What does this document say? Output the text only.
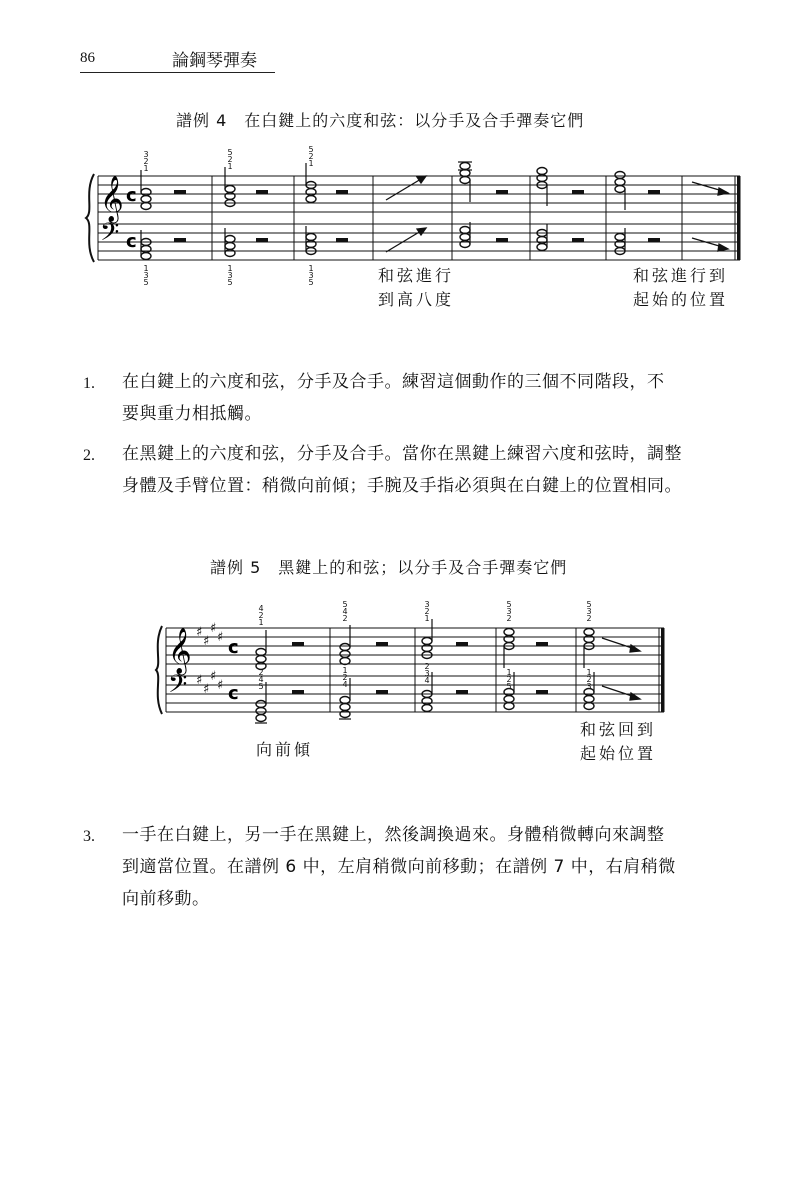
86	論鋼琴彈奏
譜例 4　在白鍵上的六度和弦：以分手及合手彈奏它們
𝄞
𝄢
c
c
3
2
1
5
2
1
5
2
1
1
3
5
1
3
5
1
3
5	和弦進行
到高八度
和弦進行到
起始的位置
1. 在白鍵上的六度和弦，分手及合手。練習這個動作的三個不同階段，不
要與重力相抵觸。
2. 在黑鍵上的六度和弦，分手及合手。當你在黑鍵上練習六度和弦時，調整
身體及手臂位置：稍微向前傾；手腕及手指必須與在白鍵上的位置相同。
譜例 5　黑鍵上的和弦；以分手及合手彈奏它們
𝄞
𝄢
♯
♯
♯
♯
♯
♯
♯
♯
c
c
4
2
1
5
4
2
3
2
1
5
3
2
5
3
2
2
4
5
1
2
4
2
3
4
1
2
5
1
2
3
向前傾
和弦回到
起始位置
3. 一手在白鍵上，另一手在黑鍵上，然後調換過來。身體稍微轉向來調整
到適當位置。在譜例 6 中，左肩稍微向前移動；在譜例 7 中，右肩稍微
向前移動。
